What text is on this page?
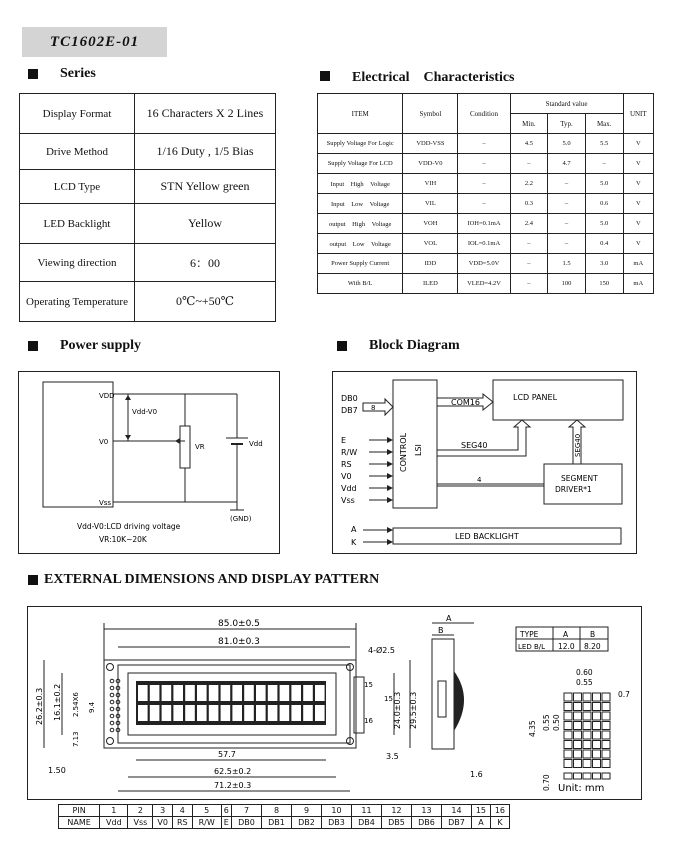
TC1602E-01
Series	Electrical　Characteristics
Power supply	Block Diagram
EXTERNAL DIMENSIONS AND DISPLAY PATTERN
Display Format	16 Characters X 2 Lines
Drive Method	1/16 Duty , 1/5 Bias
LCD Type	STN Yellow green
LED Backlight	Yellow
Viewing direction	6：00
Operating Temperature	0℃~+50℃
ITEM	Symbol	Condition	Standard value			UNIT
			Min.	Typ.	Max.	
Supply Voltage For Logic	VDD-VSS	–	4.5	5.0	5.5	V
Supply Voltage For LCD	VDD-V0	–	–	4.7	–	V
Input　High　Voltage	VIH	–	2.2	–	5.0	V
Input　Low　Voltage	VIL	–	0.3	–	0.6	V
output　High　Voltage	VOH	IOH=0.1mA	2.4	–	5.0	V
output　Low　Voltage	VOL	IOL=0.1mA	–	–	0.4	V
Power Supply Current	IDD	VDD=5.0V	–	1.5	3.0	mA
With B/L	ILED	VLED=4.2V	–	100	150	mA
VDD
V0
Vss
Vdd-V0
VR	Vdd
(GND)
Vdd-V0:LCD driving voltage
VR:10K~20K
DB0
DB7
CONTROL LSI
8
LCD PANEL
COM16
SEG40	SEG40
SEGMENT
DRIVER*1
4
E
R/W
RS
V0
Vdd
Vss
LED BACKLIGHT
A
K
85.0±0.5
81.0±0.3
4-Ø2.5
26.2±0.3 16.1±0.2 2.54X6 9.4
7.13
1.50
57.7
62.5±0.2
71.2±0.3
15
15
16	24.0±0.3 29.5±0.3
3.5
A
B
1.6
TYPE	A	B
LED B/L 12.0 8.20
0.60
0.55
0.7
4.35 0.55 0.50
0.70 Unit: mm
PIN	1	2	3	4	5	6	7	8	9	10	11	12	13	14	15	16
NAME	Vdd	Vss	V0	RS	R/W	E	DB0	DB1	DB2	DB3	DB4	DB5	DB6	DB7	A	K
